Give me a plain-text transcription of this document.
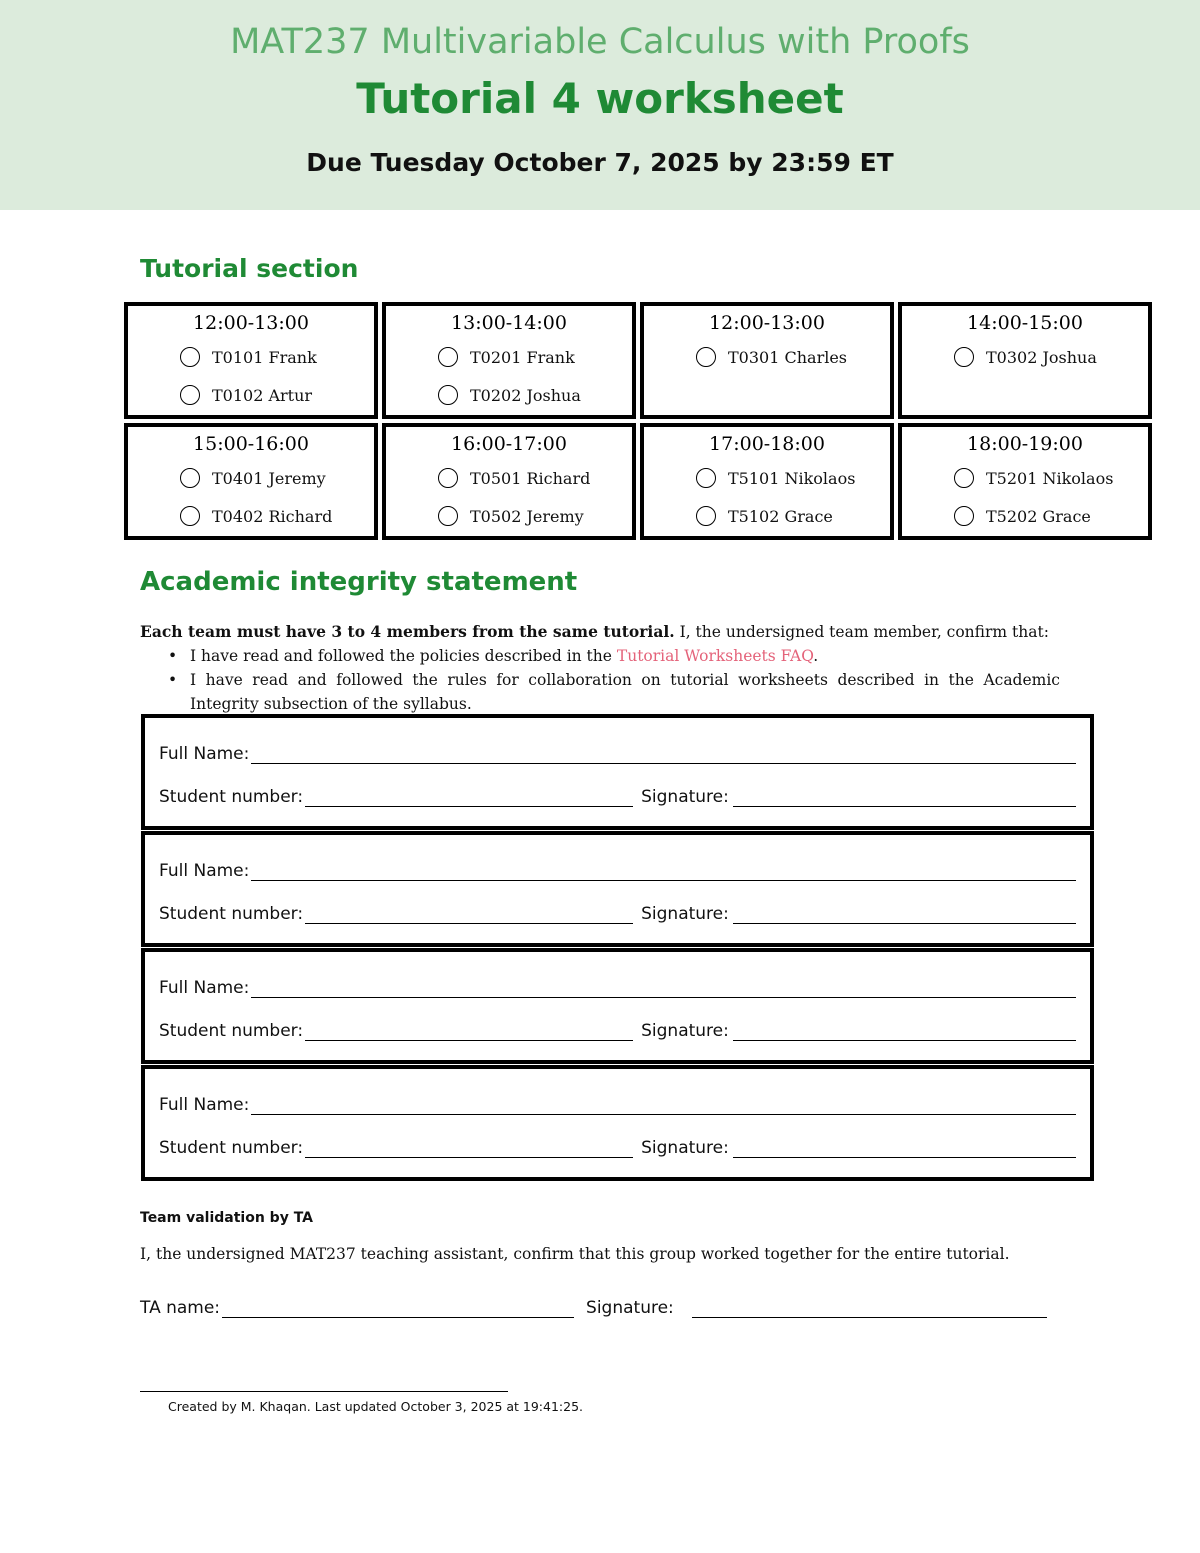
MAT237 Multivariable Calculus with Proofs
Tutorial 4 worksheet
Due Tuesday October 7, 2025 by 23:59 ET
Tutorial section
12:00-13:00
T0101 Frank
T0102 Artur
13:00-14:00
T0201 Frank
T0202 Joshua
12:00-13:00
T0301 Charles
14:00-15:00
T0302 Joshua
15:00-16:00
T0401 Jeremy
T0402 Richard
16:00-17:00
T0501 Richard
T0502 Jeremy
17:00-18:00
T5101 Nikolaos
T5102 Grace
18:00-19:00
T5201 Nikolaos
T5202 Grace
Academic integrity statement

Each team must have 3 to 4 members from the same tutorial. I, the undersigned team member, confirm that:

• I have read and followed the policies described in the Tutorial Worksheets FAQ.
• I have read and followed the rules for collaboration on tutorial worksheets described in the Academic Integrity subsection of the syllabus.
Full Name:
Student number:	Signature:
Full Name:
Student number:	Signature:
Full Name:
Student number:	Signature:
Full Name:
Student number:	Signature:
Team validation by TA
I, the undersigned MAT237 teaching assistant, confirm that this group worked together for the entire tutorial.
TA name:	Signature:
Created by M. Khaqan. Last updated October 3, 2025 at 19:41:25.
